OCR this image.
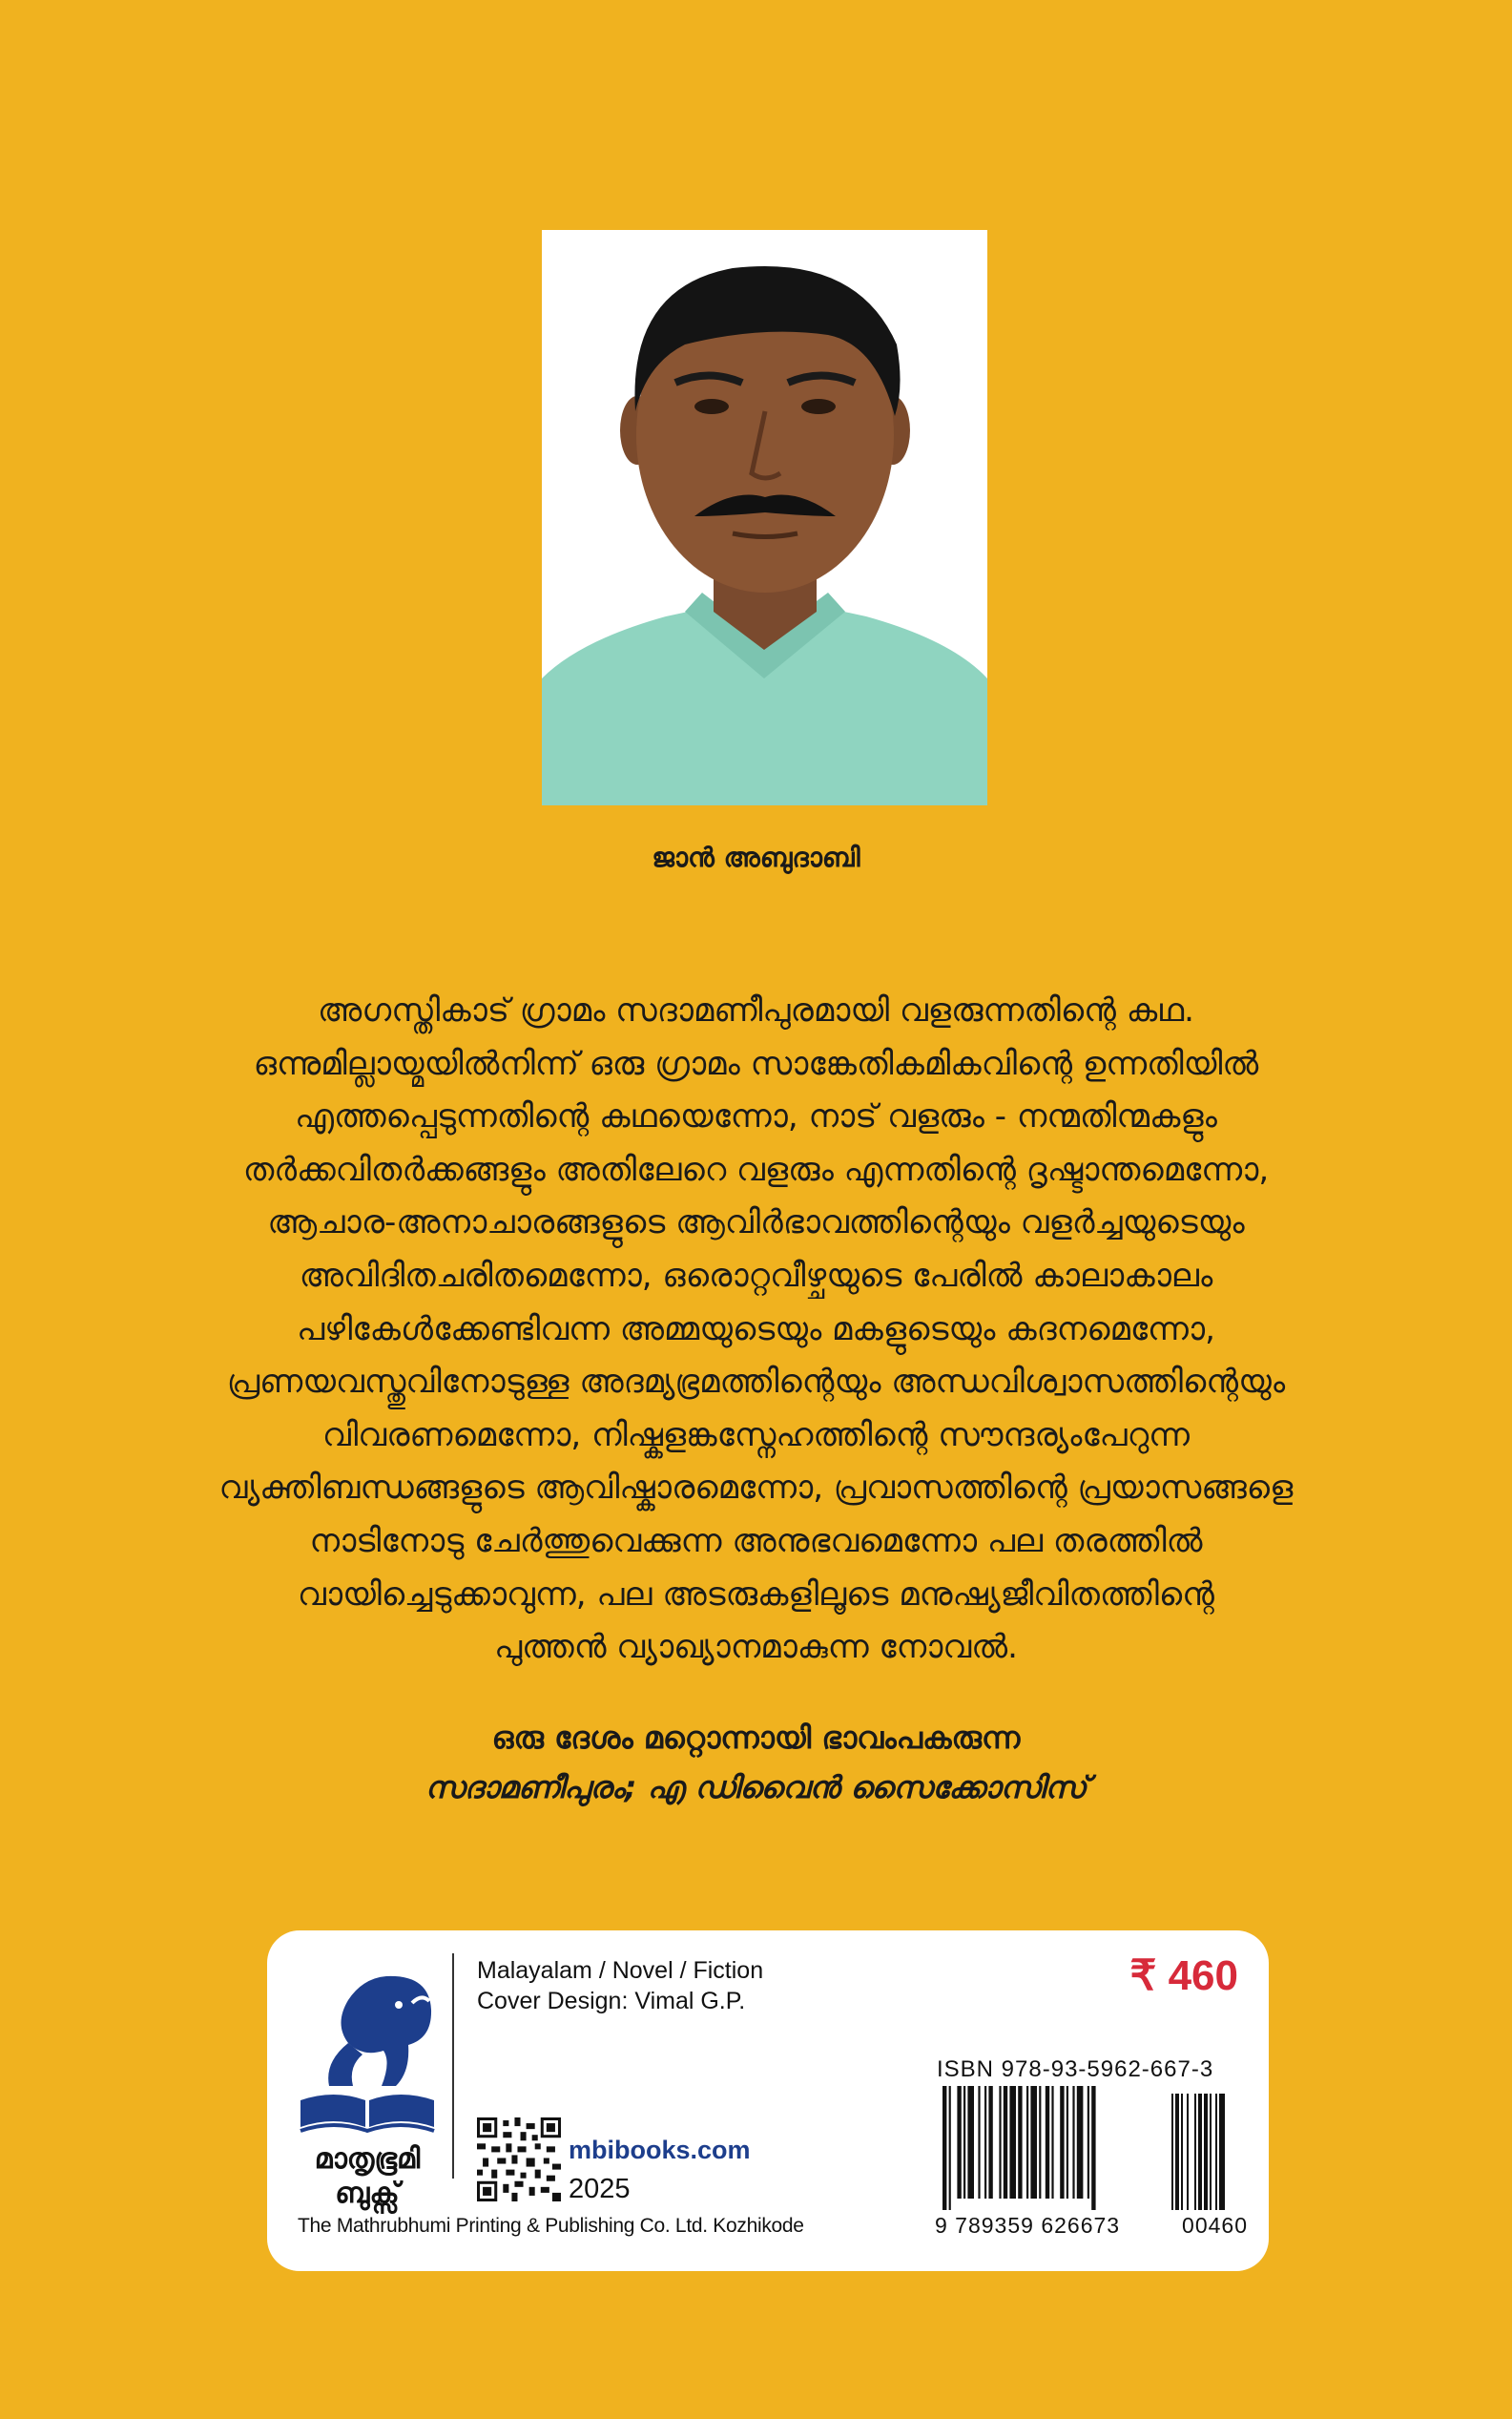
ജാൻ അബുദാബി
അഗസ്തികാട് ഗ്രാമം സദാമണീപുരമായി വളരുന്നതിന്റെ കഥ.
ഒന്നുമില്ലായ്മയിൽനിന്ന് ഒരു ഗ്രാമം സാങ്കേതികമികവിന്റെ ഉന്നതിയിൽ
എത്തപ്പെടുന്നതിന്റെ കഥയെന്നോ, നാട് വളരും - നന്മതിന്മകളും
തർക്കവിതർക്കങ്ങളും അതിലേറെ വളരും എന്നതിന്റെ ദൃഷ്ടാന്തമെന്നോ,
ആചാര-അനാചാരങ്ങളുടെ ആവിർഭാവത്തിന്റെയും വളർച്ചയുടെയും
അവിദിതചരിതമെന്നോ, ഒരൊറ്റവീഴ്ചയുടെ പേരിൽ കാലാകാലം
പഴികേൾക്കേണ്ടിവന്ന അമ്മയുടെയും മകളുടെയും കദനമെന്നോ,
പ്രണയവസ്തുവിനോടുള്ള അദമ്യഭ്രമത്തിന്റെയും അന്ധവിശ്വാസത്തിന്റെയും
വിവരണമെന്നോ, നിഷ്കളങ്കസ്നേഹത്തിന്റെ സൗന്ദര്യംപേറുന്ന
വ്യക്തിബന്ധങ്ങളുടെ ആവിഷ്കാരമെന്നോ, പ്രവാസത്തിന്റെ പ്രയാസങ്ങളെ
നാടിനോടു ചേർത്തുവെക്കുന്ന അനുഭവമെന്നോ പല തരത്തിൽ
വായിച്ചെടുക്കാവുന്ന, പല അടരുകളിലൂടെ മനുഷ്യജീവിതത്തിന്റെ
പുത്തൻ വ്യാഖ്യാനമാകുന്ന നോവൽ.
ഒരു ദേശം മറ്റൊന്നായി ഭാവംപകരുന്ന
സദാമണീപുരം; എ ഡിവൈൻ സൈക്കോസിസ്
മാതൃഭൂമി
ബുക്സ്
The Mathrubhumi Printing & Publishing Co. Ltd. Kozhikode
Malayalam / Novel / Fiction
Cover Design: Vimal G.P.
₹ 460
mbibooks.com
2025
ISBN 978-93-5962-667-3
9 789359 626673	00460
